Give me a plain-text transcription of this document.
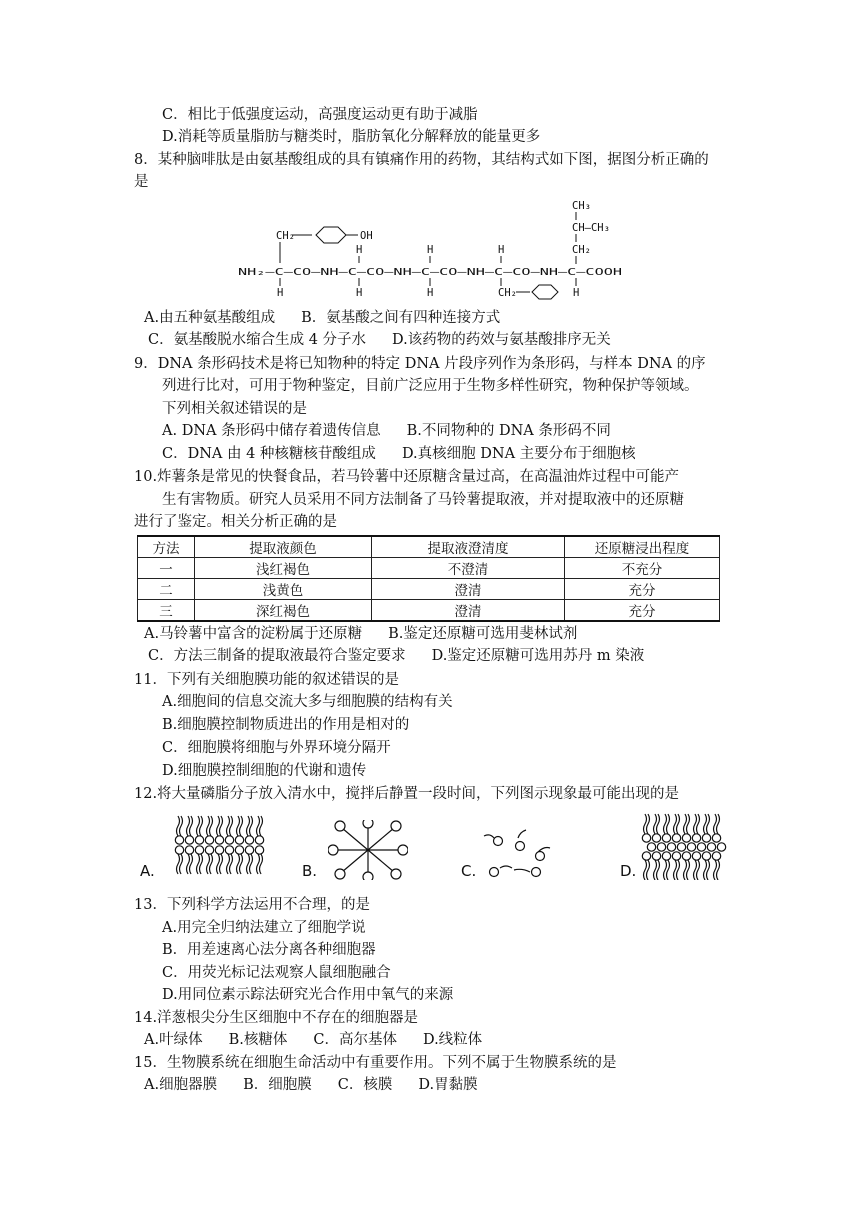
C．相比于低强度运动，高强度运动更有助于减脂
D.消耗等质量脂肪与糖类时，脂肪氧化分解释放的能量更多
8．某种脑啡肽是由氨基酸组成的具有镇痛作用的药物，其结构式如下图，据图分析正确的
是
CH₃
CH—CH₃
CH₂
CH₂	OH
H	H	H
NH₂—C—CO—NH—C—CO—NH—C—CO—NH—C—CO—NH—C—COOH
H	H	H	CH₂	H
A.由五种氨基酸组成 B．氨基酸之间有四种连接方式
C．氨基酸脱水缩合生成 4 分子水 D.该药物的药效与氨基酸排序无关
9．DNA 条形码技术是将已知物种的特定 DNA 片段序列作为条形码，与样本 DNA 的序
列进行比对，可用于物种鉴定，目前广泛应用于生物多样性研究，物种保护等领域。
下列相关叙述错误的是
A. DNA 条形码中储存着遗传信息 B.不同物种的 DNA 条形码不同
C．DNA 由 4 种核糖核苷酸组成 D.真核细胞 DNA 主要分布于细胞核
10.炸薯条是常见的快餐食品，若马铃薯中还原糖含量过高，在高温油炸过程中可能产
生有害物质。研究人员采用不同方法制备了马铃薯提取液，并对提取液中的还原糖
进行了鉴定。相关分析正确的是
方法	提取液颜色	提取液澄清度	还原糖浸出程度
一	浅红褐色	不澄清	不充分
二	浅黄色	澄清	充分
三	深红褐色	澄清	充分
A.马铃薯中富含的淀粉属于还原糖 B.鉴定还原糖可选用斐林试剂
C．方法三制备的提取液最符合鉴定要求 D.鉴定还原糖可选用苏丹 m 染液
11．下列有关细胞膜功能的叙述错误的是
A.细胞间的信息交流大多与细胞膜的结构有关
B.细胞膜控制物质进出的作用是相对的
C．细胞膜将细胞与外界环境分隔开
D.细胞膜控制细胞的代谢和遗传
12.将大量磷脂分子放入清水中，搅拌后静置一段时间，下列图示现象最可能出现的是
A.	B.	C.	D.
13．下列科学方法运用不合理，的是
A.用完全归纳法建立了细胞学说
B．用差速离心法分离各种细胞器
C．用荧光标记法观察人鼠细胞融合
D.用同位素示踪法研究光合作用中氧气的来源
14.洋葱根尖分生区细胞中不存在的细胞器是
A.叶绿体 B.核糖体 C．高尔基体 D.线粒体
15．生物膜系统在细胞生命活动中有重要作用。下列不属于生物膜系统的是
A.细胞器膜 B．细胞膜 C．核膜 D.胃黏膜
